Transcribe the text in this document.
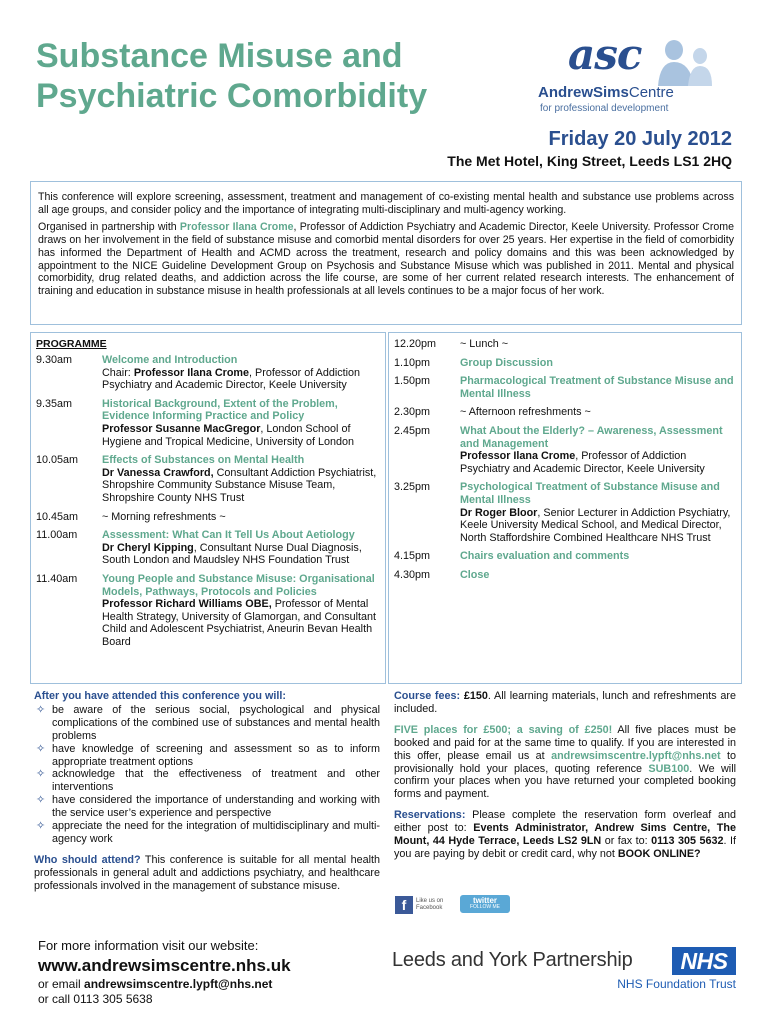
Substance Misuse and
Psychiatric Comorbidity
asc
AndrewSimsCentre
for professional development
Friday 20 July 2012
The Met Hotel, King Street, Leeds LS1 2HQ

This conference will explore screening, assessment, treatment and management of co-existing mental health and substance use problems across all age groups, and consider policy and the importance of integrating multi-disciplinary and multi-agency working.

Organised in partnership with Professor Ilana Crome, Professor of Addiction Psychiatry and Academic Director, Keele University. Professor Crome draws on her involvement in the field of substance misuse and comorbid mental disorders for over 25 years. Her expertise in the field of comorbidity has informed the Department of Health and ACMD across the treatment, research and policy domains and this was been acknowledged by appointment to the NICE Guideline Development Group on Psychosis and Substance Misuse which was published in 2011. Mental and physical comorbidity, drug related deaths, and addiction across the life course, are some of her current related research interests. The enhancement of training and education in substance misuse in health professionals at all levels continues to be a major focus of her work.

PROGRAMME
9.30am	Welcome and Introduction
Chair: Professor Ilana Crome, Professor of Addiction Psychiatry and Academic Director, Keele University
9.35am	Historical Background, Extent of the Problem, Evidence Informing Practice and Policy
Professor Susanne MacGregor, London School of Hygiene and Tropical Medicine, University of London
10.05am	Effects of Substances on Mental Health
Dr Vanessa Crawford, Consultant Addiction Psychiatrist, Shropshire Community Substance Misuse Team, Shropshire County NHS Trust
10.45am	~ Morning refreshments ~
11.00am	Assessment: What Can It Tell Us About Aetiology
Dr Cheryl Kipping, Consultant Nurse Dual Diagnosis, South London and Maudsley NHS Foundation Trust
11.40am	Young People and Substance Misuse: Organisational Models, Pathways, Protocols and Policies
Professor Richard Williams OBE, Professor of Mental Health Strategy, University of Glamorgan, and Consultant Child and Adolescent Psychiatrist, Aneurin Bevan Health Board
12.20pm	~ Lunch ~
1.10pm	Group Discussion
1.50pm	Pharmacological Treatment of Substance Misuse and Mental Illness
2.30pm	~ Afternoon refreshments ~
2.45pm	What About the Elderly? – Awareness, Assessment and Management
Professor Ilana Crome, Professor of Addiction Psychiatry and Academic Director, Keele University
3.25pm	Psychological Treatment of Substance Misuse and Mental Illness
Dr Roger Bloor, Senior Lecturer in Addiction Psychiatry, Keele University Medical School, and Medical Director, North Staffordshire Combined Healthcare NHS Trust
4.15pm	Chairs evaluation and comments
4.30pm	Close
After you have attended this conference you will:
✧ be aware of the serious social, psychological and physical complications of the combined use of substances and mental health problems
✧ have knowledge of screening and assessment so as to inform appropriate treatment options
✧ acknowledge that the effectiveness of treatment and other interventions
✧ have considered the importance of understanding and working with the service user’s experience and perspective
✧ appreciate the need for the integration of multidisciplinary and multi-agency work
Who should attend? This conference is suitable for all mental health professionals in general adult and addictions psychiatry, and healthcare professionals involved in the management of substance misuse.

Course fees: £150. All learning materials, lunch and refreshments are included.

FIVE places for £500; a saving of £250! All five places must be booked and paid for at the same time to qualify. If you are interested in this offer, please email us at andrewsimscentre.lypft@nhs.net to provisionally hold your places, quoting reference SUB100. We will confirm your places when you have returned your completed booking forms and payment.

Reservations: Please complete the reservation form overleaf and either post to: Events Administrator, Andrew Sims Centre, The Mount, 44 Hyde Terrace, Leeds LS2 9LN or fax to: 0113 305 5632. If you are paying by debit or credit card, why not BOOK ONLINE?

f	Like us on Facebook
twitter
FOLLOW ME
For more information visit our website:
www.andrewsimscentre.nhs.uk
or email andrewsimscentre.lypft@nhs.net
or call 0113 305 5638
Leeds and York Partnership	NHS
NHS Foundation Trust
